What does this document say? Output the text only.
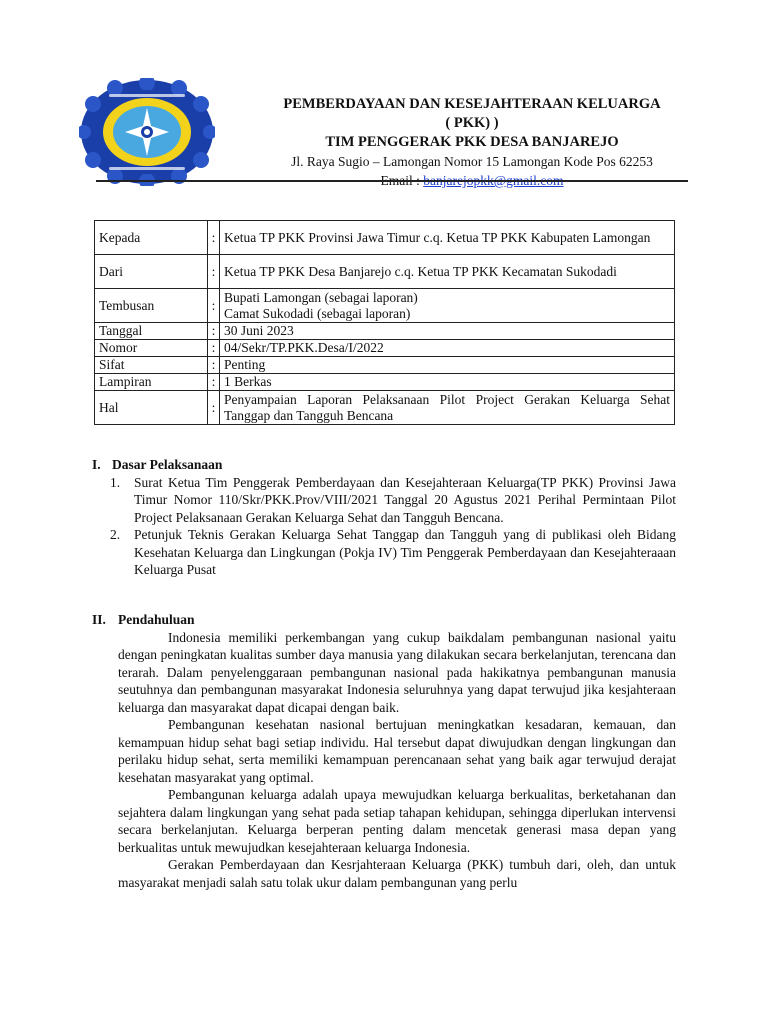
PEMBERDAYAAN DAN KESEJAHTERAAN KELUARGA
( PKK) )
TIM PENGGERAK PKK DESA BANJAREJO
Jl. Raya Sugio – Lamongan Nomor 15 Lamongan Kode Pos 62253
Email : banjarejopkk@gmail.com
Kepada	:	Ketua TP PKK Provinsi Jawa Timur c.q. Ketua TP PKK Kabupaten Lamongan
Dari	:	Ketua TP PKK Desa Banjarejo c.q. Ketua TP PKK Kecamatan Sukodadi
Tembusan	:	Bupati Lamongan (sebagai laporan)
Camat Sukodadi (sebagai laporan)

Tanggal	:	30 Juni 2023
Nomor	:	04/Sekr/TP.PKK.Desa/I/2022
Sifat	:	Penting
Lampiran	:	1 Berkas
Hal	:	Penyampaian Laporan Pelaksanaan Pilot Project Gerakan Keluarga Sehat Tanggap dan Tangguh Bencana
I. Dasar Pelaksanaan
1. Surat Ketua Tim Penggerak Pemberdayaan dan Kesejahteraan Keluarga(TP PKK) Provinsi Jawa Timur Nomor 110/Skr/PKK.Prov/VIII/2021 Tanggal 20 Agustus 2021 Perihal Permintaan Pilot Project Pelaksanaan Gerakan Keluarga Sehat dan Tangguh Bencana.
2. Petunjuk Teknis Gerakan Keluarga Sehat Tanggap dan Tangguh yang di publikasi oleh Bidang Kesehatan Keluarga dan Lingkungan (Pokja IV) Tim Penggerak Pemberdayaan dan Kesejahteraaan Keluarga Pusat
II. Pendahuluan

Indonesia memiliki perkembangan yang cukup baikdalam pembangunan nasional yaitu dengan peningkatan kualitas sumber daya manusia yang dilakukan secara berkelanjutan, terencana dan terarah. Dalam penyelenggaraan pembangunan nasional pada hakikatnya pembangunan manusia seutuhnya dan pembangunan masyarakat Indonesia seluruhnya yang dapat terwujud jika kesjahteraan keluarga dan masyarakat dapat dicapai dengan baik.

Pembangunan kesehatan nasional bertujuan meningkatkan kesadaran, kemauan, dan kemampuan hidup sehat bagi setiap individu. Hal tersebut dapat diwujudkan dengan lingkungan dan perilaku hidup sehat, serta memiliki kemampuan perencanaan sehat yang baik agar terwujud derajat kesehatan masyarakat yang optimal.

Pembangunan keluarga adalah upaya mewujudkan keluarga berkualitas, berketahanan dan sejahtera dalam lingkungan yang sehat pada setiap tahapan kehidupan, sehingga diperlukan intervensi secara berkelanjutan. Keluarga berperan penting dalam mencetak generasi masa depan yang berkualitas untuk mewujudkan kesejahteraan keluarga Indonesia.

Gerakan Pemberdayaan dan Kesrjahteraan Keluarga (PKK) tumbuh dari, oleh, dan untuk masyarakat menjadi salah satu tolak ukur dalam pembangunan yang perlu
